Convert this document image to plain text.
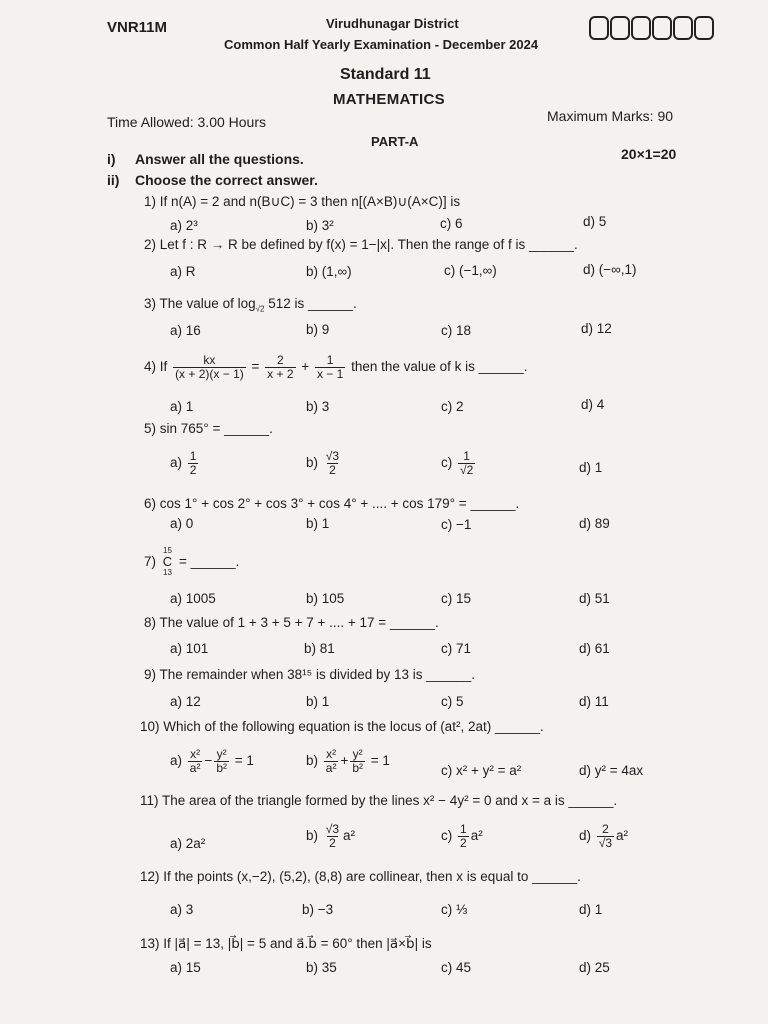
VNR11M	Virudhunagar District
Common Half Yearly Examination - December 2024
Standard 11
MATHEMATICS
Time Allowed: 3.00 Hours	Maximum Marks: 90
PART-A
i) Answer all the questions.
ii) Choose the correct answer.
20×1=20
1) If n(A) = 2 and n(B∪C) = 3 then n[(A×B)∪(A×C)] is
a) 2³	b) 3²	c) 6	d) 5
2) Let f : R → R be defined by f(x) = 1−|x|. Then the range of f is ______.
a) R	b) (1,∞)	c) (−1,∞)	d) (−∞,1)
3) The value of $\log_{√2} 512$ is ______.
a) 16	b) 9	c) 18	d) 12
4) If $\frac{kx}{(x + 2)(x - 1)} = \frac{2}{x + 2} + \frac{1}{x - 1}$ then the value of k is ______.
a) 1	b) 3	c) 2	d) 4
5) sin 765° = ______.
$a) \frac{1}{2}$	$b) \frac{√3}{2}$	$c) \frac{1}{√2}$	d) 1
6) cos 1° + cos 2° + cos 3° + cos 4° + .... + cos 179° = ______.
a) 0	b) 1	c) −1	d) 89
7)
15
C
13
= ______.
a) 1005	b) 105	c) 15	d) 51
8) The value of 1 + 3 + 5 + 7 + .... + 17 = ______.
a) 101	b) 81	c) 71	d) 61
9) The remainder when 38¹⁵ is divided by 13 is ______.
a) 12	b) 1	c) 5	d) 11
10) Which of the following equation is the locus of (at², 2at) ______.
$a) \frac{\text{x²}}{\text{a²}} - \frac{\text{y²}}{\text{b²}} = 1$	$b) \frac{\text{x²}}{\text{a²}} + \frac{\text{y²}}{\text{b²}} = 1$
c) x² + y² = a²	d) y² = 4ax
11) The area of the triangle formed by the lines x² − 4y² = 0 and x = a is ______.
a) 2a²
$b) \frac{√3}{2} a^2$	$c) \frac{1}{2} a^2$	$d) \frac{2}{√3} a^2$
12) If the points (x,−2), (5,2), (8,8) are collinear, then x is equal to ______.
a) 3	b) −3	c) ⅓	d) 1
13) If |a⃗| = 13, |b⃗| = 5 and a⃗.b⃗ = 60° then |a⃗×b⃗| is
a) 15	b) 35	c) 45	d) 25
